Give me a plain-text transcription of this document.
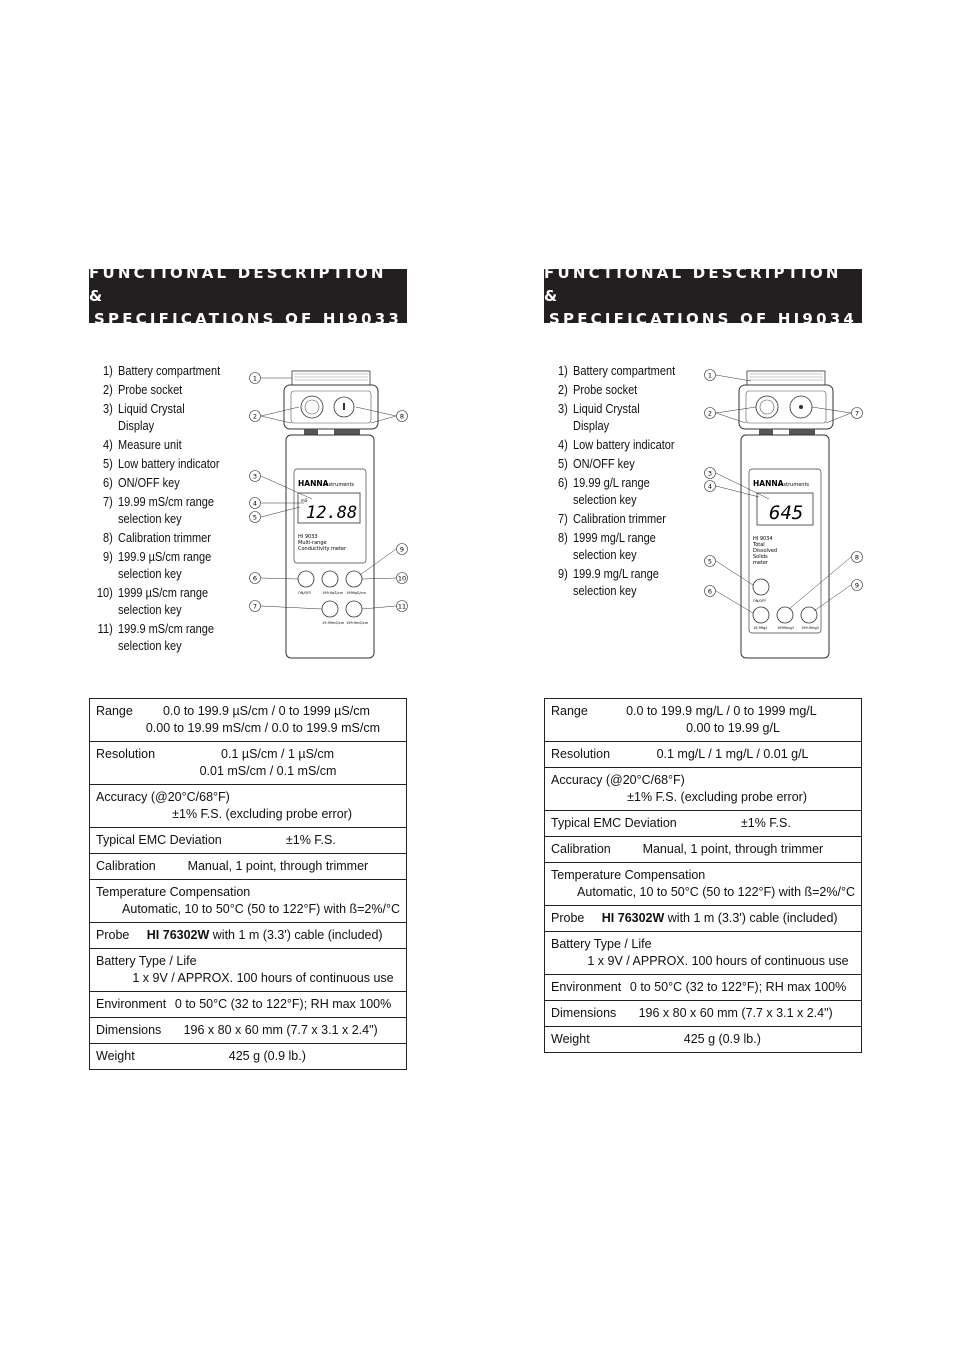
FUNCTIONAL DESCRIPTION &
SPECIFICATIONS OF HI9033
1) Battery compartment
2) Probe socket
3) Liquid Crystal Display
4) Measure unit
5) Low battery indicator
6) ON/OFF key
7) 19.99 mS/cm range selection key
8) Calibration trimmer
9) 199.9 µS/cm range selection key
10) 1999 µS/cm range selection key
11) 199.9 mS/cm range selection key
HANNA
instruments
mS
12.88
HI 9033
Multi-range
Conductivity meter
ON/OFF	199.9µS/cm 1999µS/cm
19.99mS/cm 199.9mS/cm
1
2
3
4
5
6
7
8
9
10
11
Range	0.0 to 199.9 µS/cm / 0 to 1999 µS/cm
0.00 to 19.99 mS/cm / 0.0 to 199.9 mS/cm

Resolution	0.1 µS/cm / 1 µS/cm
0.01 mS/cm / 0.1 mS/cm

Accuracy (@20°C/68°F)
±1% F.S. (excluding probe error)

Typical EMC Deviation	±1% F.S.

Calibration	Manual, 1 point, through trimmer

Temperature Compensation
Automatic, 10 to 50°C (50 to 122°F) with ß=2%/°C

Probe	HI 76302W with 1 m (3.3') cable (included)

Battery Type / Life
1 x 9V / APPROX. 100 hours of continuous use

Environment 0 to 50°C (32 to 122°F); RH max 100%

Dimensions	196 x 80 x 60 mm (7.7 x 3.1 x 2.4")

Weight	425 g (0.9 lb.)
FUNCTIONAL DESCRIPTION &
SPECIFICATIONS OF HI9034
1) Battery compartment
2) Probe socket
3) Liquid Crystal Display
4) Low battery indicator
5) ON/OFF key
6) 19.99 g/L range selection key
7) Calibration trimmer
8) 1999 mg/L range selection key
9) 199.9 mg/L range selection key
HANNA
instruments
645
HI 9034
Total
Dissolved
Solids
meter
ON/OFF
19.99g/l	1999mg/l 199.9mg/l
1
2
3
4
5
6
7
8
9
Range	0.0 to 199.9 mg/L / 0 to 1999 mg/L
0.00 to 19.99 g/L

Resolution	0.1 mg/L / 1 mg/L / 0.01 g/L

Accuracy (@20°C/68°F)
±1% F.S. (excluding probe error)

Typical EMC Deviation	±1% F.S.

Calibration	Manual, 1 point, through trimmer

Temperature Compensation
Automatic, 10 to 50°C (50 to 122°F) with ß=2%/°C

Probe	HI 76302W with 1 m (3.3') cable (included)

Battery Type / Life
1 x 9V / APPROX. 100 hours of continuous use

Environment 0 to 50°C (32 to 122°F); RH max 100%

Dimensions	196 x 80 x 60 mm (7.7 x 3.1 x 2.4")

Weight	425 g (0.9 lb.)
